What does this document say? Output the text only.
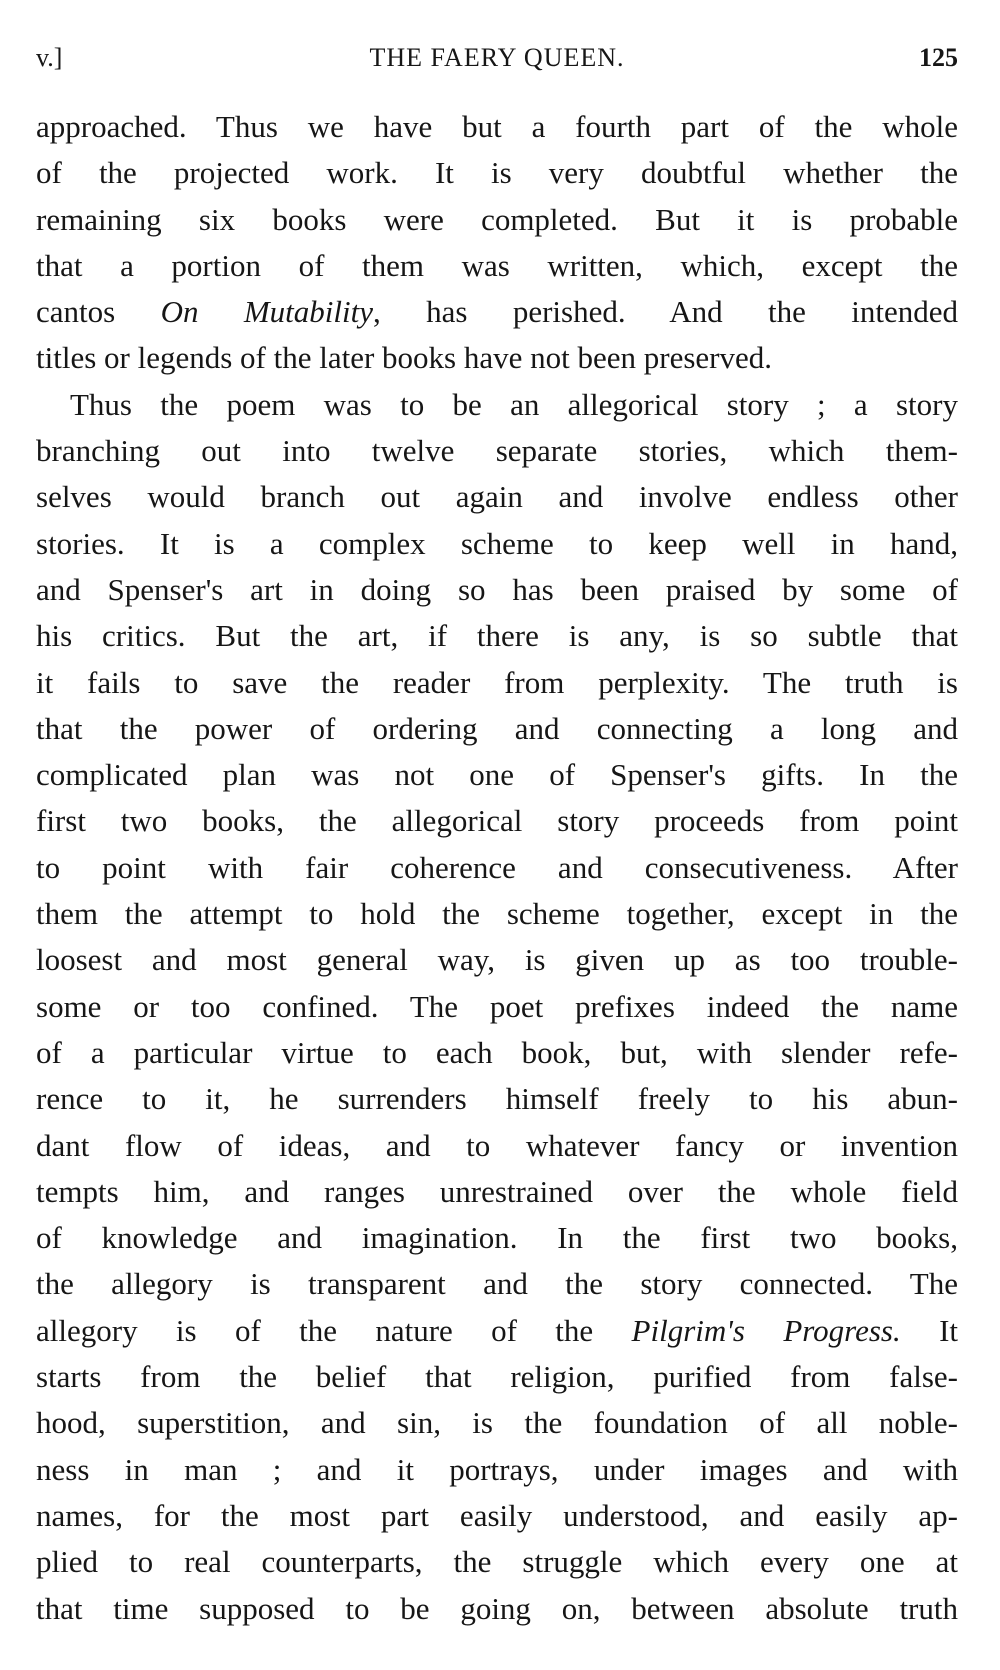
v.]	THE FAERY QUEEN.	125
approached. Thus we have but a fourth part of the whole
of the projected work. It is very doubtful whether the
remaining six books were completed. But it is probable
that a portion of them was written, which, except the
cantos On Mutability, has perished. And the intended
titles or legends of the later books have not been preserved.
Thus the poem was to be an allegorical story ; a story
branching out into twelve separate stories, which them-
selves would branch out again and involve endless other
stories. It is a complex scheme to keep well in hand,
and Spenser's art in doing so has been praised by some of
his critics. But the art, if there is any, is so subtle that
it fails to save the reader from perplexity. The truth is
that the power of ordering and connecting a long and
complicated plan was not one of Spenser's gifts. In the
first two books, the allegorical story proceeds from point
to point with fair coherence and consecutiveness. After
them the attempt to hold the scheme together, except in the
loosest and most general way, is given up as too trouble-
some or too confined. The poet prefixes indeed the name
of a particular virtue to each book, but, with slender refe-
rence to it, he surrenders himself freely to his abun-
dant flow of ideas, and to whatever fancy or invention
tempts him, and ranges unrestrained over the whole field
of knowledge and imagination. In the first two books,
the allegory is transparent and the story connected. The
allegory is of the nature of the Pilgrim's Progress. It
starts from the belief that religion, purified from false-
hood, superstition, and sin, is the foundation of all noble-
ness in man ; and it portrays, under images and with
names, for the most part easily understood, and easily ap-
plied to real counterparts, the struggle which every one at
that time supposed to be going on, between absolute truth
